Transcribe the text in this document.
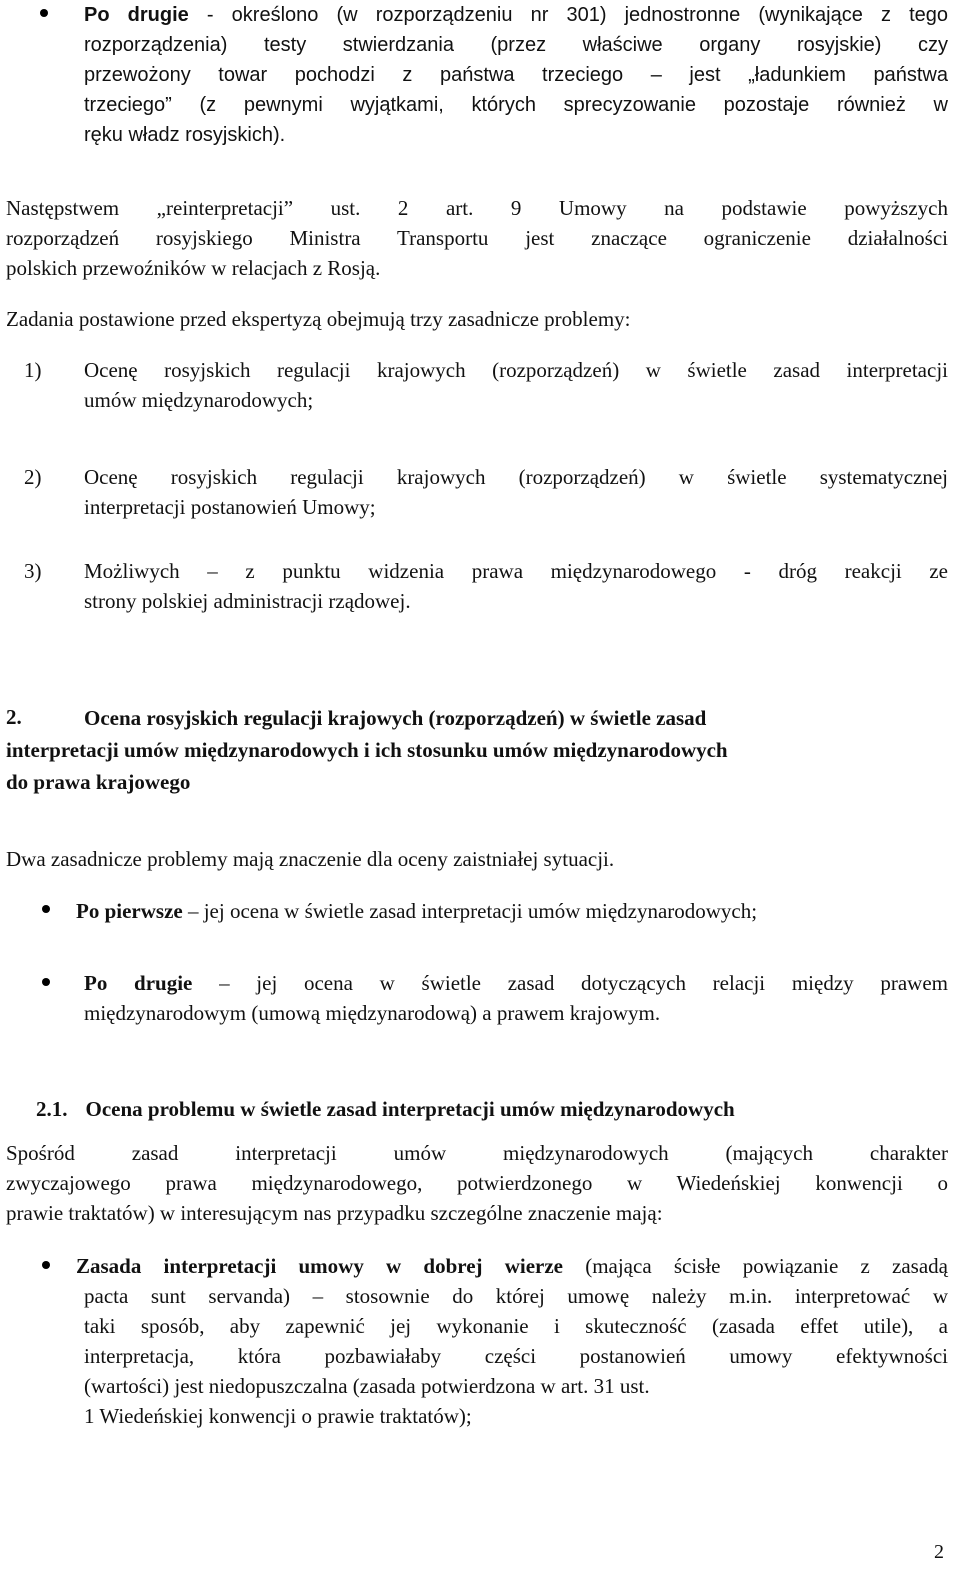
Po drugie - określono (w rozporządzeniu nr 301) jednostronne (wynikające z tego
rozporządzenia) testy stwierdzania (przez właściwe organy rosyjskie) czy
przewożony towar pochodzi z państwa trzeciego – jest „ładunkiem państwa
trzeciego” (z pewnymi wyjątkami, których sprecyzowanie pozostaje również w
ręku władz rosyjskich).
Następstwem „reinterpretacji” ust. 2 art. 9 Umowy na podstawie powyższych
rozporządzeń rosyjskiego Ministra Transportu jest znaczące ograniczenie działalności
polskich przewoźników w relacjach z Rosją.
Zadania postawione przed ekspertyzą obejmują trzy zasadnicze problemy:
1) Ocenę rosyjskich regulacji krajowych (rozporządzeń) w świetle zasad interpretacji
umów międzynarodowych;
2) Ocenę rosyjskich regulacji krajowych (rozporządzeń) w świetle systematycznej
interpretacji postanowień Umowy;
3) Możliwych – z punktu widzenia prawa międzynarodowego - dróg reakcji ze
strony polskiej administracji rządowej.
2.	Ocena rosyjskich regulacji krajowych (rozporządzeń) w świetle zasad
interpretacji umów międzynarodowych i ich stosunku umów międzynarodowych
do prawa krajowego
Dwa zasadnicze problemy mają znaczenie dla oceny zaistniałej sytuacji.
Po pierwsze – jej ocena w świetle zasad interpretacji umów międzynarodowych;
Po drugie – jej ocena w świetle zasad dotyczących relacji między prawem
międzynarodowym (umową międzynarodową) a prawem krajowym.
2.1. Ocena problemu w świetle zasad interpretacji umów międzynarodowych
Spośród zasad interpretacji umów międzynarodowych (mających charakter
zwyczajowego prawa międzynarodowego, potwierdzonego w Wiedeńskiej konwencji o
prawie traktatów) w interesującym nas przypadku szczególne znaczenie mają:
Zasada interpretacji umowy w dobrej wierze (mająca ścisłe powiązanie z zasadą
pacta sunt servanda) – stosownie do której umowę należy m.in. interpretować w
taki sposób, aby zapewnić jej wykonanie i skuteczność (zasada effet utile), a
interpretacja, która pozbawiałaby części postanowień umowy efektywności
(wartości) jest niedopuszczalna (zasada potwierdzona w art. 31 ust.
1 Wiedeńskiej konwencji o prawie traktatów);
2
